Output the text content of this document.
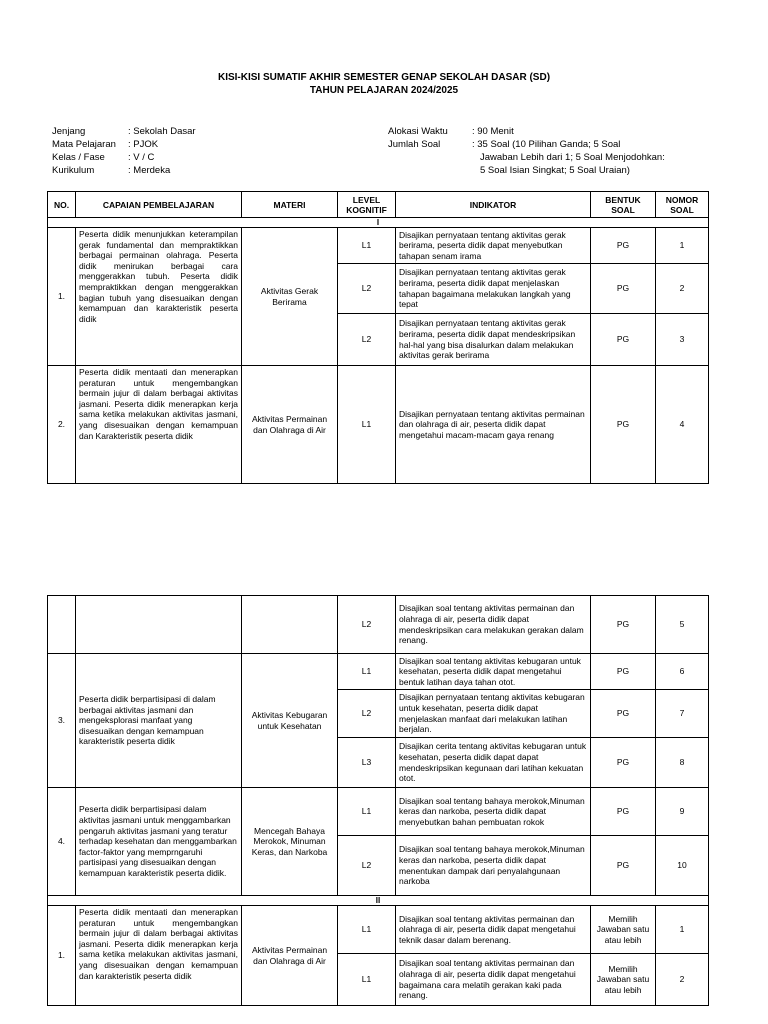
KISI-KISI SUMATIF AKHIR SEMESTER GENAP SEKOLAH DASAR (SD)
TAHUN PELAJARAN 2024/2025
Jenjang	: Sekolah Dasar
Mata Pelajaran	: PJOK
Kelas / Fase	: V / C
Kurikulum	: Merdeka
Alokasi Waktu	: 90 Menit
Jumlah Soal	: 35 Soal (10 Pilihan Ganda; 5 Soal
Jawaban Lebih dari 1; 5 Soal Menjodohkan:
5 Soal Isian Singkat; 5 Soal Uraian)
NO.	CAPAIAN PEMBELAJARAN	MATERI	LEVEL KOGNITIF	INDIKATOR	BENTUK SOAL	NOMOR SOAL
I						
1.	Peserta didik menunjukkan keterampilan gerak fundamental dan mempraktikkan berbagai permainan olahraga. Peserta didik menirukan berbagai cara menggerakkan tubuh. Peserta didik mempraktikkan dengan menggerakkan bagian tubuh yang disesuaikan dengan kemampuan dan karakteristik peserta didik	Aktivitas Gerak Berirama	L1	Disajikan pernyataan tentang aktivitas gerak berirama, peserta didik dapat menyebutkan tahapan senam irama	PG	1
			L2	Disajikan pernyataan tentang aktivitas gerak berirama, peserta didik dapat menjelaskan tahapan bagaimana melakukan langkah yang tepat	PG	2
			L2	Disajikan pernyataan tentang aktivitas gerak berirama, peserta didik dapat mendeskripsikan hal-hal yang bisa disalurkan dalam melakukan aktivitas gerak berirama	PG	3
2.	Peserta didik mentaati dan menerapkan peraturan untuk mengembangkan bermain jujur di dalam berbagai aktivitas jasmani. Peserta didik menerapkan kerja sama ketika melakukan aktivitas jasmani, yang disesuaikan dengan kemampuan dan Karakteristik peserta didik	Aktivitas Permainan dan Olahraga di Air	L1	Disajikan pernyataan tentang aktivitas permainan dan olahraga di air, peserta didik dapat mengetahui macam-macam gaya renang	PG	4
			L2	Disajikan soal tentang aktivitas permainan dan olahraga di air, peserta didik dapat mendeskripsikan cara melakukan gerakan dalam renang.	PG	5
3.	Peserta didik berpartisipasi di dalam berbagai aktivitas jasmani dan mengeksplorasi manfaat yang disesuaikan dengan kemampuan karakteristik peserta didik	Aktivitas Kebugaran untuk Kesehatan	L1	Disajikan soal tentang aktivitas kebugaran untuk kesehatan, peserta didik dapat mengetahui bentuk latihan daya tahan otot.	PG	6
			L2	Disajikan pernyataan tentang aktivitas kebugaran untuk kesehatan, peserta didik dapat menjelaskan manfaat dari melakukan latihan berjalan.	PG	7
			L3	Disajikan cerita tentang aktivitas kebugaran untuk kesehatan, peserta didik dapat dapat mendeskripsikan kegunaan dari latihan kekuatan otot.	PG	8
4.	Peserta didik berpartisipasi dalam aktivitas jasmani untuk menggambarkan pengaruh aktivitas jasmani yang teratur terhadap kesehatan dan menggambarkan factor-faktor yang memprngaruhi partisipasi yang disesuaikan dengan kemampuan karakteristik peserta didik.	Mencegah Bahaya Merokok, Minuman Keras, dan Narkoba	L1	Disajikan soal tentang bahaya merokok,Minuman keras dan narkoba, peserta didik dapat menyebutkan bahan pembuatan rokok	PG	9
			L2	Disajikan soal tentang bahaya merokok,Minuman keras dan narkoba, peserta didik dapat menentukan dampak dari penyalahgunaan narkoba	PG	10
II						
1.	Peserta didik mentaati dan menerapkan peraturan untuk mengembangkan bermain jujur di dalam berbagai aktivitas jasmani. Peserta didik menerapkan kerja sama ketika melakukan aktivitas jasmani, yang disesuaikan dengan kemampuan dan karakteristik peserta didik	Aktivitas Permainan dan Olahraga di Air	L1	Disajikan soal tentang aktivitas permainan dan olahraga di air, peserta didik dapat mengetahui teknik dasar dalam berenang.	Memilih Jawaban satu atau lebih	1
			L1	Disajikan soal tentang aktivitas permainan dan olahraga di air, peserta didik dapat mengetahui bagaimana cara melatih gerakan kaki pada renang.	Memilih Jawaban satu atau lebih	2
